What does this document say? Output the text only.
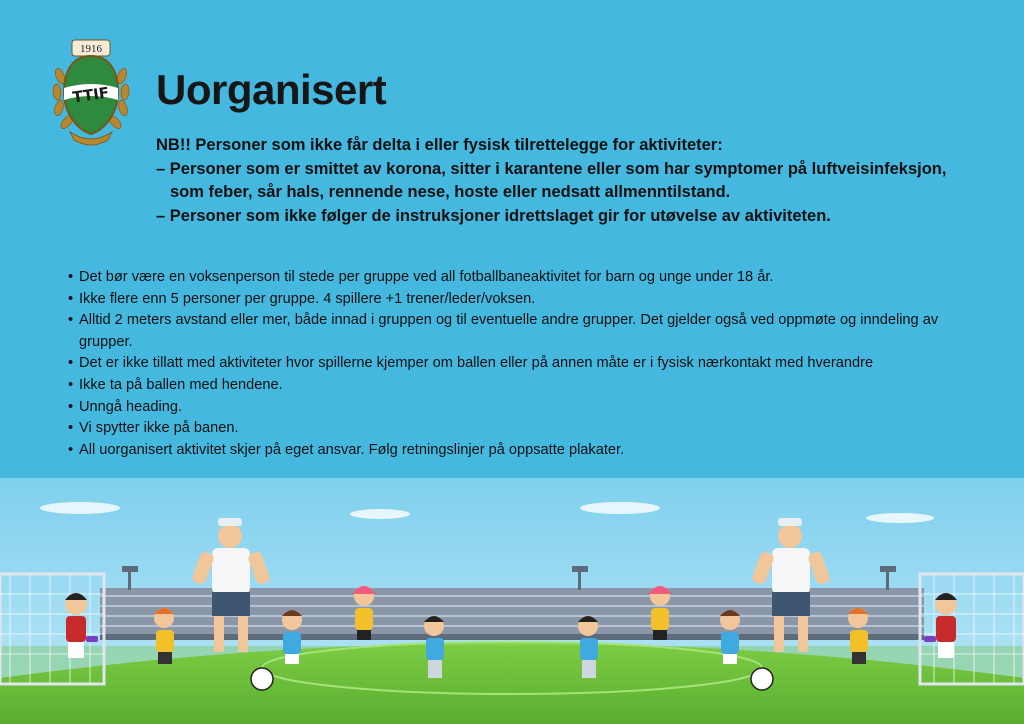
1916
TTIF Uorganisert
NB!! Personer som ikke får delta i eller fysisk tilrettelegge for aktiviteter:
– Personer som er smittet av korona, sitter i karantene eller som har symptomer på luftveisinfeksjon,
som feber, sår hals, rennende nese, hoste eller nedsatt allmenntilstand.
– Personer som ikke følger de instruksjoner idrettslaget gir for utøvelse av aktiviteten.
• Det bør være en voksenperson til stede per gruppe ved all fotballbaneaktivitet for barn og unge under 18 år.
• Ikke flere enn 5 personer per gruppe. 4 spillere +1 trener/leder/voksen.
• Alltid 2 meters avstand eller mer, både innad i gruppen og til eventuelle andre grupper. Det gjelder også ved oppmøte og inndeling av grupper.
• Det er ikke tillatt med aktiviteter hvor spillerne kjemper om ballen eller på annen måte er i fysisk nærkontakt med hverandre
• Ikke ta på ballen med hendene.
• Unngå heading.
• Vi spytter ikke på banen.
• All uorganisert aktivitet skjer på eget ansvar. Følg retningslinjer på oppsatte plakater.
